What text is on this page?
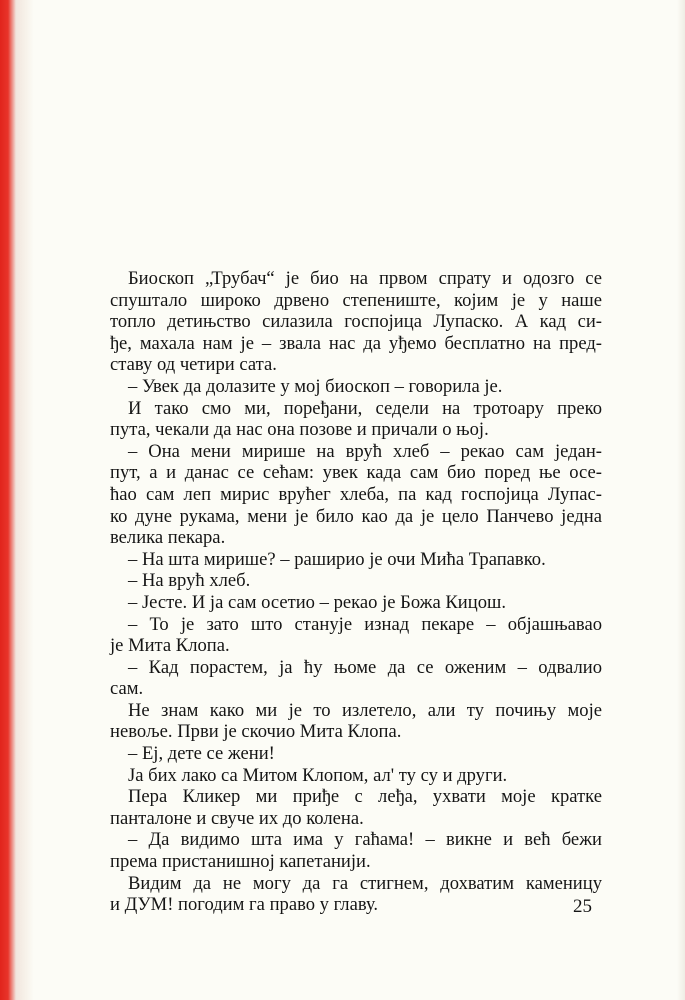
Биоскоп „Трубач“ је био на првом спрату и одозго се
спуштало широко дрвено степениште, којим је у наше
топло детињство силазила госпојица Лупаско. А кад си-
ђе, махала нам је – звала нас да уђемо бесплатно на пред-
ставу од четири сата.
– Увек да долазите у мој биоскоп – говорила је.
И тако смо ми, поређани, седели на тротоару преко
пута, чекали да нас она позове и причали о њој.
– Она мени мирише на врућ хлеб – рекао сам један-
пут, а и данас се сећам: увек када сам био поред ње осе-
ћао сам леп мирис врућег хлеба, па кад госпојица Лупас-
ко дуне рукама, мени је било као да је цело Панчево једна
велика пекара.
– На шта мирише? – раширио је очи Мића Трапавко.
– На врућ хлеб.
– Јесте. И ја сам осетио – рекао је Божа Кицош.
– То је зато што станује изнад пекаре – објашњавао
је Мита Клопа.
– Кад порастем, ја ћу њоме да се оженим – одвалио
сам.
Не знам како ми је то излетело, али ту почињу моје
невоље. Први је скочио Мита Клопа.
– Еј, дете се жени!
Ја бих лако са Митом Клопом, ал' ту су и други.
Пера Кликер ми приђе с леђа, ухвати моје кратке
панталоне и свуче их до колена.
– Да видимо шта има у гаћама! – викне и већ бежи
према пристанишној капетанији.
Видим да не могу да га стигнем, дохватим каменицу
и ДУМ! погодим га право у главу.	25
